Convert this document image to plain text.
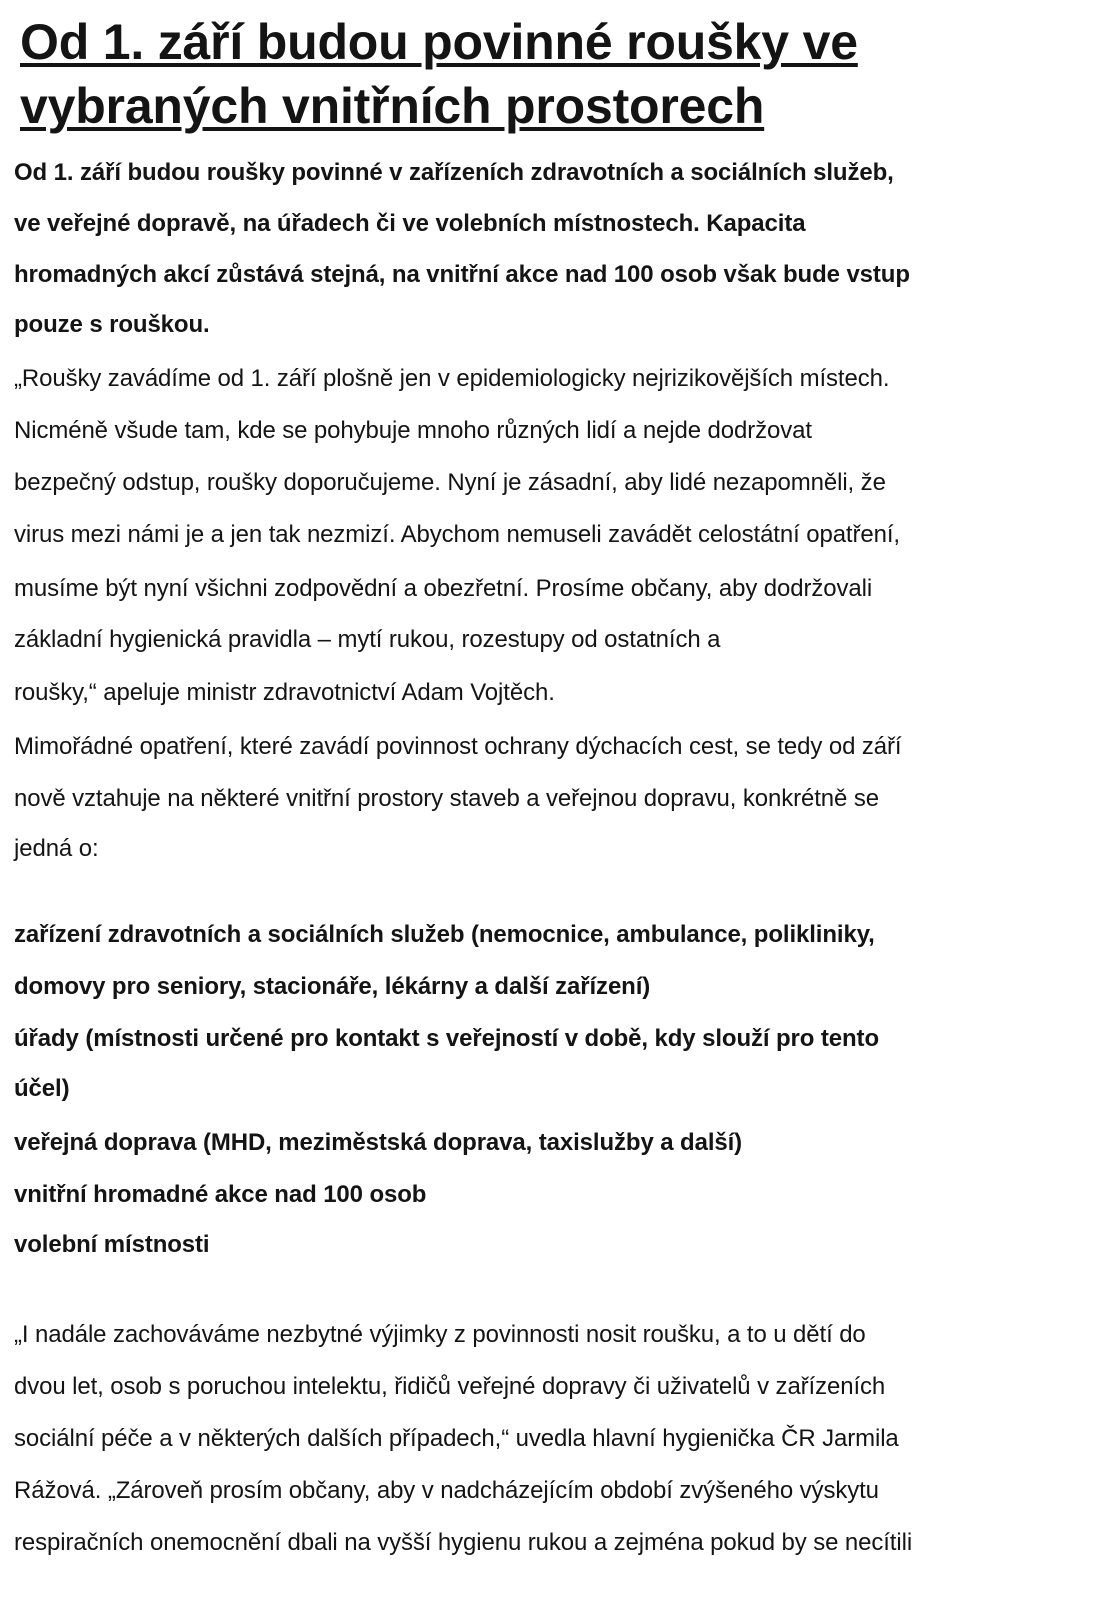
Od 1. září budou povinné roušky ve vybraných vnitřních prostorech
Od 1. září budou roušky povinné v zařízeních zdravotních a sociálních služeb,
ve veřejné dopravě, na úřadech či ve volebních místnostech. Kapacita
hromadných akcí zůstává stejná, na vnitřní akce nad 100 osob však bude vstup
pouze s rouškou.
„Roušky zavádíme od 1. září plošně jen v epidemiologicky nejrizikovějších místech.
Nicméně všude tam, kde se pohybuje mnoho různých lidí a nejde dodržovat
bezpečný odstup, roušky doporučujeme. Nyní je zásadní, aby lidé nezapomněli, že
virus mezi námi je a jen tak nezmizí. Abychom nemuseli zavádět celostátní opatření,
musíme být nyní všichni zodpovědní a obezřetní. Prosíme občany, aby dodržovali
základní hygienická pravidla – mytí rukou, rozestupy od ostatních a
roušky,“ apeluje ministr zdravotnictví Adam Vojtěch.
Mimořádné opatření, které zavádí povinnost ochrany dýchacích cest, se tedy od září
nově vztahuje na některé vnitřní prostory staveb a veřejnou dopravu, konkrétně se
jedná o:
zařízení zdravotních a sociálních služeb (nemocnice, ambulance, polikliniky,
domovy pro seniory, stacionáře, lékárny a další zařízení)
úřady (místnosti určené pro kontakt s veřejností v době, kdy slouží pro tento
účel)
veřejná doprava (MHD, meziměstská doprava, taxislužby a další)
vnitřní hromadné akce nad 100 osob
volební místnosti
„I nadále zachováváme nezbytné výjimky z povinnosti nosit roušku, a to u dětí do
dvou let, osob s poruchou intelektu, řidičů veřejné dopravy či uživatelů v zařízeních
sociální péče a v některých dalších případech,“ uvedla hlavní hygienička ČR Jarmila
Rážová. „Zároveň prosím občany, aby v nadcházejícím období zvýšeného výskytu
respiračních onemocnění dbali na vyšší hygienu rukou a zejména pokud by se necítili
